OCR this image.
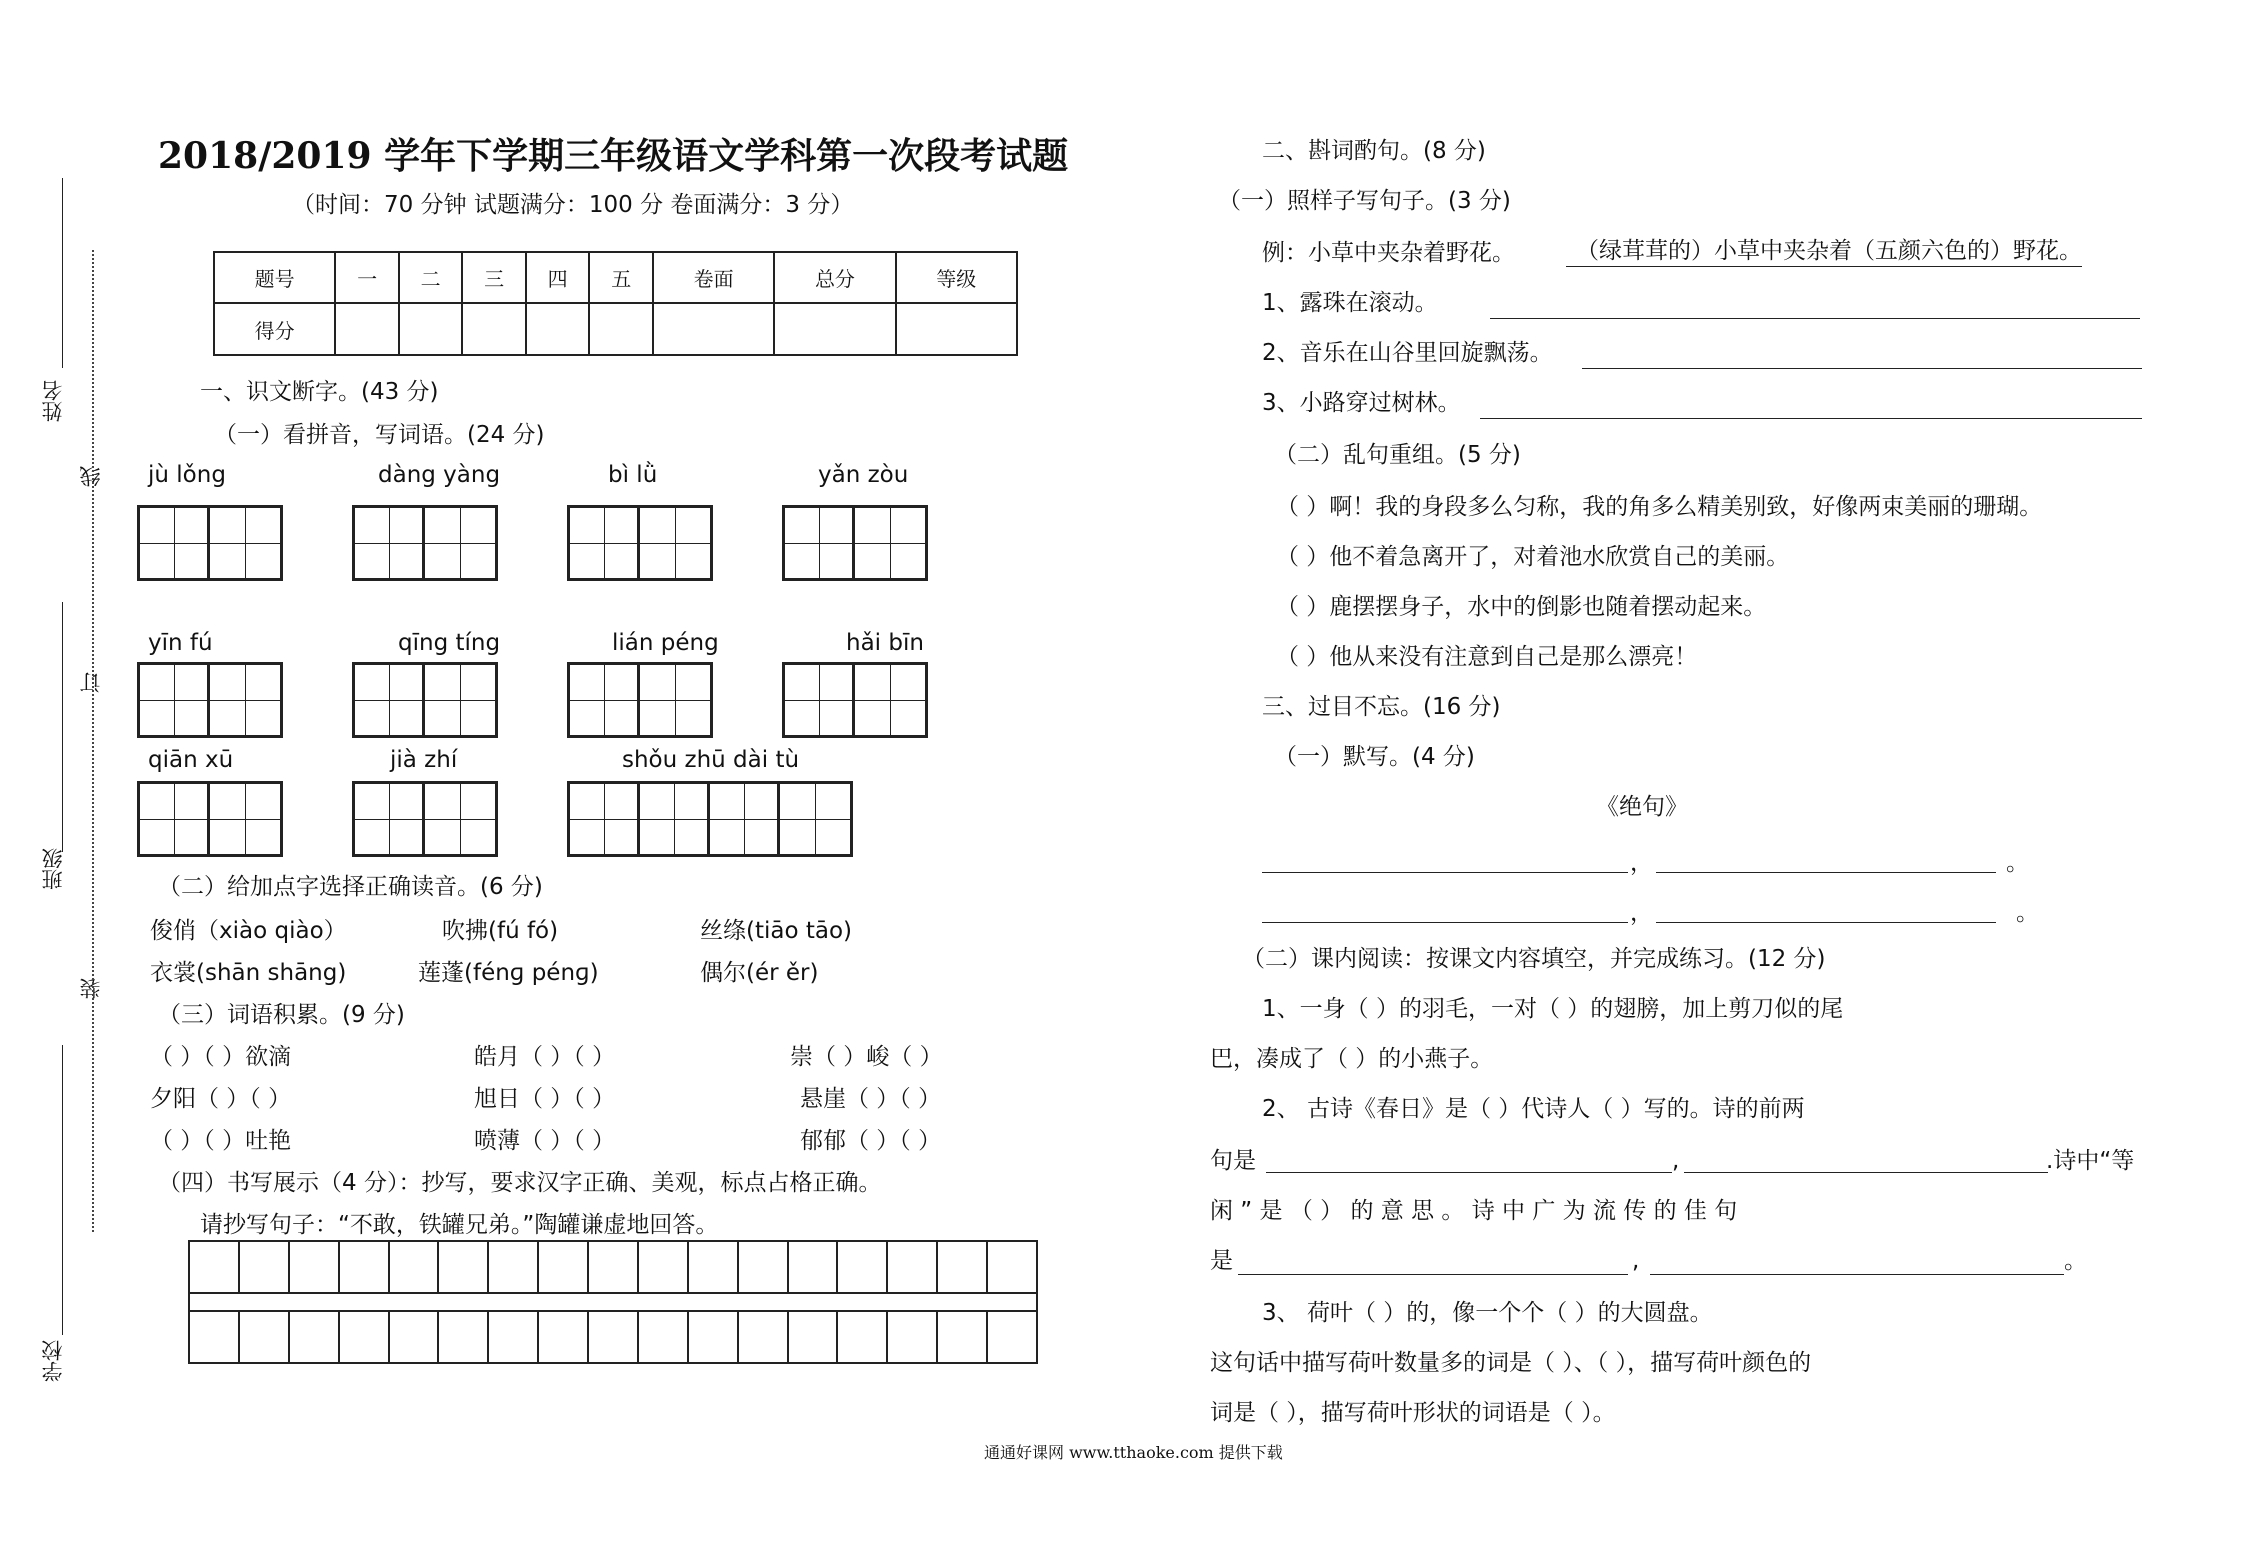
姓名
线
订
班级
装
学校
2018/2019 学年下学期三年级语文学科第一次段考试题
（时间：70 分钟 试题满分：100 分 卷面满分：3 分）
题号	一	二	三	四	五	卷面	总分	等级
得分								
一、识文断字。(43 分)
（一）看拼音，写词语。(24 分)
jù lǒng	dàng yàng	bì lǜ	yǎn zòu
yīn fú	qīng tíng	lián péng	hǎi bīn
qiān xū	jià zhí	shǒu zhū dài tù
（二）给加点字选择正确读音。(6 分)
俊俏（xiào qiào）	吹拂(fú fó)	丝绦(tiāo tāo)
衣裳(shān shāng)	莲蓬(fénɡ pénɡ)	偶尔(ér ěr)
（三）词语积累。(9 分)
（ ）（ ）欲滴	皓月（ ）（ ）	崇（ ）峻（ ）
夕阳（ ）（ ）	旭日（ ）（ ）	悬崖（ ）（ ）
（ ）（ ）吐艳	喷薄（ ）（ ）	郁郁（ ）（ ）
（四）书写展示（4 分）：抄写，要求汉字正确、美观，标点占格正确。
请抄写句子：“不敢，铁罐兄弟。”陶罐谦虚地回答。
二、斟词酌句。(8 分)
（一）照样子写句子。(3 分)
例：小草中夹杂着野花。	（绿茸茸的）小草中夹杂着（五颜六色的）野花。
1、露珠在滚动。
2、音乐在山谷里回旋飘荡。
3、小路穿过树林。
（二）乱句重组。(5 分)
（ ）啊！我的身段多么匀称，我的角多么精美别致，好像两束美丽的珊瑚。
（ ）他不着急离开了，对着池水欣赏自己的美丽。
（ ）鹿摆摆身子，水中的倒影也随着摆动起来。
（ ）他从来没有注意到自己是那么漂亮！
三、过目不忘。(16 分)
（一）默写。(4 分)
《绝句》
，	。
，	。
（二）课内阅读：按课文内容填空，并完成练习。(12 分)
1、一身（ ）的羽毛，一对（ ）的翅膀，加上剪刀似的尾
巴，凑成了（ ）的小燕子。
2、 古诗《春日》是（ ）代诗人（ ）写的。诗的前两
句是	,	.诗中“等
闲 ” 是 （ ） 的 意 思 。 诗 中 广 为 流 传 的 佳 句
是	,	。
3、 荷叶（ ）的，像一个个（ ）的大圆盘。
这句话中描写荷叶数量多的词是（ ）、（ ），描写荷叶颜色的
词是（ ），描写荷叶形状的词语是（ ）。
通通好课网 www.tthaoke.com 提供下载
